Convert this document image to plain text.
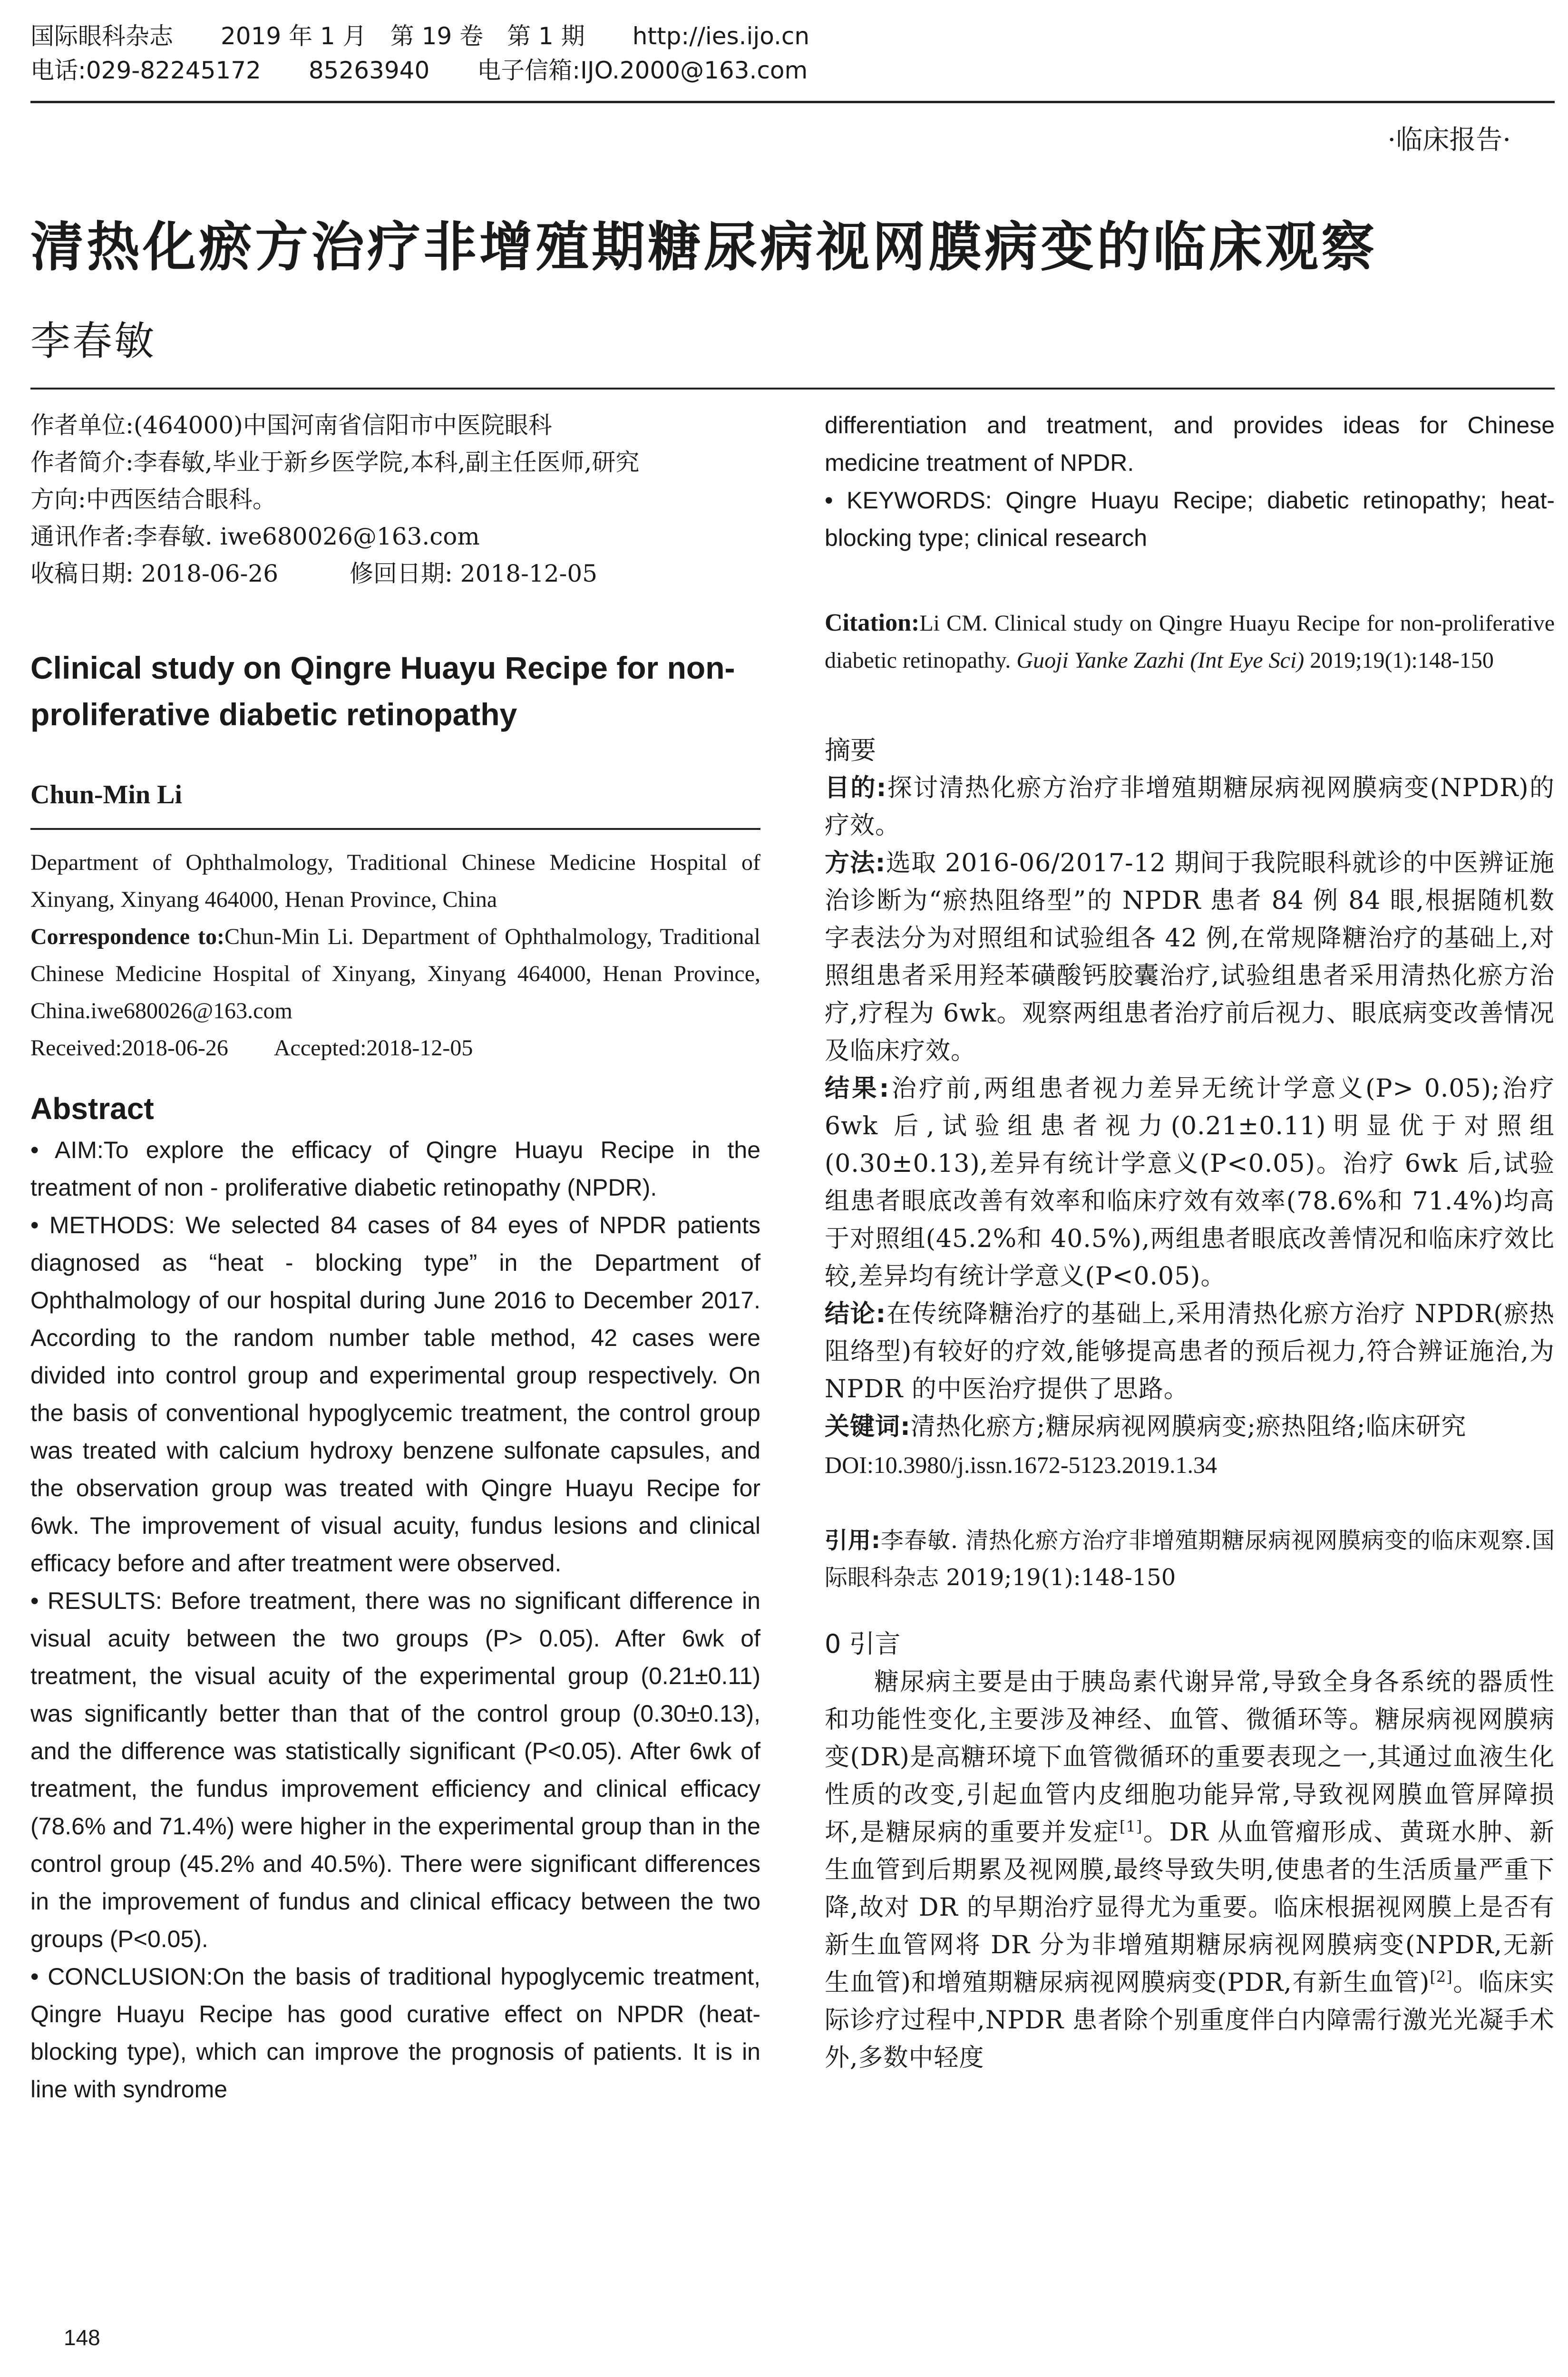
国际眼科杂志　　2019 年 1 月　第 19 卷　第 1 期　　http://ies.ijo.cn
电话:029-82245172　　85263940　　电子信箱:IJO.2000@163.com
·临床报告·
清热化瘀方治疗非增殖期糖尿病视网膜病变的临床观察
李春敏

作者单位:(464000)中国河南省信阳市中医院眼科

作者简介:李春敏,毕业于新乡医学院,本科,副主任医师,研究

方向:中西医结合眼科。

通讯作者:李春敏. iwe680026@163.com

收稿日期: 2018-06-26　　　修回日期: 2018-12-05

Clinical study on Qingre Huayu Recipe for non-proliferative diabetic retinopathy
Chun-Min Li

Department of Ophthalmology, Traditional Chinese Medicine Hospital of Xinyang, Xinyang 464000, Henan Province, China

Correspondence to:Chun-Min Li. Department of Ophthalmology, Traditional Chinese Medicine Hospital of Xinyang, Xinyang 464000, Henan Province, China.iwe680026@163.com

Received:2018-06-26　　Accepted:2018-12-05

Abstract

• AIM:To explore the efficacy of Qingre Huayu Recipe in the treatment of non - proliferative diabetic retinopathy (NPDR).

• METHODS: We selected 84 cases of 84 eyes of NPDR patients diagnosed as “heat - blocking type” in the Department of Ophthalmology of our hospital during June 2016 to December 2017. According to the random number table method, 42 cases were divided into control group and experimental group respectively. On the basis of conventional hypoglycemic treatment, the control group was treated with calcium hydroxy benzene sulfonate capsules, and the observation group was treated with Qingre Huayu Recipe for 6wk. The improvement of visual acuity, fundus lesions and clinical efficacy before and after treatment were observed.

• RESULTS: Before treatment, there was no significant difference in visual acuity between the two groups (P> 0.05). After 6wk of treatment, the visual acuity of the experimental group (0.21±0.11) was significantly better than that of the control group (0.30±0.13), and the difference was statistically significant (P<0.05). After 6wk of treatment, the fundus improvement efficiency and clinical efficacy (78.6% and 71.4%) were higher in the experimental group than in the control group (45.2% and 40.5%). There were significant differences in the improvement of fundus and clinical efficacy between the two groups (P<0.05).

• CONCLUSION:On the basis of traditional hypoglycemic treatment, Qingre Huayu Recipe has good curative effect on NPDR (heat-blocking type), which can improve the prognosis of patients. It is in line with syndrome

differentiation and treatment, and provides ideas for Chinese medicine treatment of NPDR.

• KEYWORDS: Qingre Huayu Recipe; diabetic retinopathy; heat-blocking type; clinical research

Citation:Li CM. Clinical study on Qingre Huayu Recipe for non-proliferative diabetic retinopathy. Guoji Yanke Zazhi (Int Eye Sci) 2019;19(1):148-150

摘要

目的:探讨清热化瘀方治疗非增殖期糖尿病视网膜病变(NPDR)的疗效。

方法:选取 2016-06/2017-12 期间于我院眼科就诊的中医辨证施治诊断为“瘀热阻络型”的 NPDR 患者 84 例 84 眼,根据随机数字表法分为对照组和试验组各 42 例,在常规降糖治疗的基础上,对照组患者采用羟苯磺酸钙胶囊治疗,试验组患者采用清热化瘀方治疗,疗程为 6wk。观察两组患者治疗前后视力、眼底病变改善情况及临床疗效。

结果:治疗前,两组患者视力差异无统计学意义(P> 0.05);治疗 6wk 后,试验组患者视力(0.21±0.11)明显优于对照组(0.30±0.13),差异有统计学意义(P<0.05)。治疗 6wk 后,试验组患者眼底改善有效率和临床疗效有效率(78.6%和 71.4%)均高于对照组(45.2%和 40.5%),两组患者眼底改善情况和临床疗效比较,差异均有统计学意义(P<0.05)。

结论:在传统降糖治疗的基础上,采用清热化瘀方治疗 NPDR(瘀热阻络型)有较好的疗效,能够提高患者的预后视力,符合辨证施治,为 NPDR 的中医治疗提供了思路。

关键词:清热化瘀方;糖尿病视网膜病变;瘀热阻络;临床研究

DOI:10.3980/j.issn.1672-5123.2019.1.34

引用:李春敏. 清热化瘀方治疗非增殖期糖尿病视网膜病变的临床观察.国际眼科杂志 2019;19(1):148-150

0 引言

糖尿病主要是由于胰岛素代谢异常,导致全身各系统的器质性和功能性变化,主要涉及神经、血管、微循环等。糖尿病视网膜病变(DR)是高糖环境下血管微循环的重要表现之一,其通过血液生化性质的改变,引起血管内皮细胞功能异常,导致视网膜血管屏障损坏,是糖尿病的重要并发症[1]。DR 从血管瘤形成、黄斑水肿、新生血管到后期累及视网膜,最终导致失明,使患者的生活质量严重下降,故对 DR 的早期治疗显得尤为重要。临床根据视网膜上是否有新生血管网将 DR 分为非增殖期糖尿病视网膜病变(NPDR,无新生血管)和增殖期糖尿病视网膜病变(PDR,有新生血管)[2]。临床实际诊疗过程中,NPDR 患者除个别重度伴白内障需行激光光凝手术外,多数中轻度

148
